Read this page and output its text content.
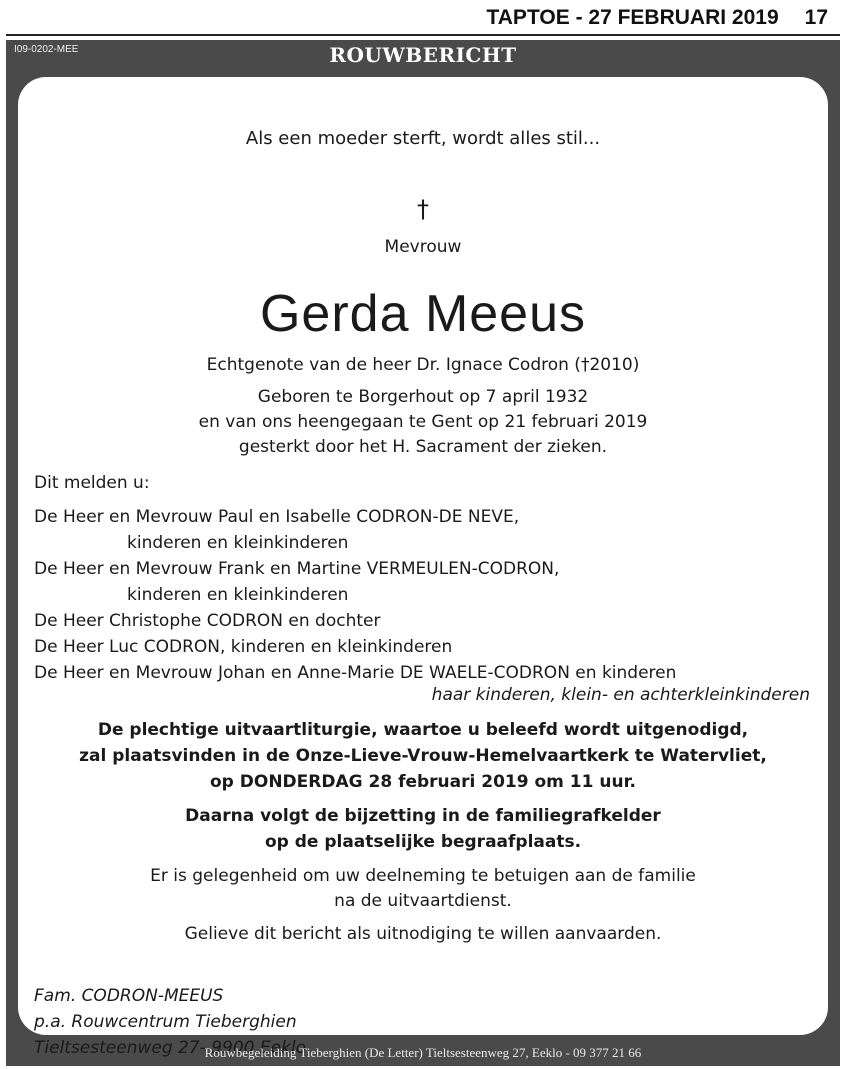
TAPTOE - 27 FEBRUARI 2019 17
I09-0202-MEE	ROUWBERICHT
Als een moeder sterft, wordt alles stil...
†
Mevrouw
Gerda Meeus
Echtgenote van de heer Dr. Ignace Codron (†2010)
Geboren te Borgerhout op 7 april 1932
en van ons heengegaan te Gent op 21 februari 2019
gesterkt door het H. Sacrament der zieken.
Dit melden u:
De Heer en Mevrouw Paul en Isabelle CODRON-DE NEVE,
kinderen en kleinkinderen
De Heer en Mevrouw Frank en Martine VERMEULEN-CODRON,
kinderen en kleinkinderen
De Heer Christophe CODRON en dochter
De Heer Luc CODRON, kinderen en kleinkinderen
De Heer en Mevrouw Johan en Anne-Marie DE WAELE-CODRON en kinderen
haar kinderen, klein- en achterkleinkinderen
De plechtige uitvaartliturgie, waartoe u beleefd wordt uitgenodigd,
zal plaatsvinden in de Onze-Lieve-Vrouw-Hemelvaartkerk te Watervliet,
op DONDERDAG 28 februari 2019 om 11 uur.
Daarna volgt de bijzetting in de familiegrafkelder
op de plaatselijke begraafplaats.
Er is gelegenheid om uw deelneming te betuigen aan de familie
na de uitvaartdienst.
Gelieve dit bericht als uitnodiging te willen aanvaarden.
Fam. CODRON-MEEUS
p.a. Rouwcentrum Tieberghien
Tieltsesteenweg 27- 9900 Eeklo
Rouwbegeleiding Tieberghien (De Letter) Tieltsesteenweg 27, Eeklo - 09 377 21 66
